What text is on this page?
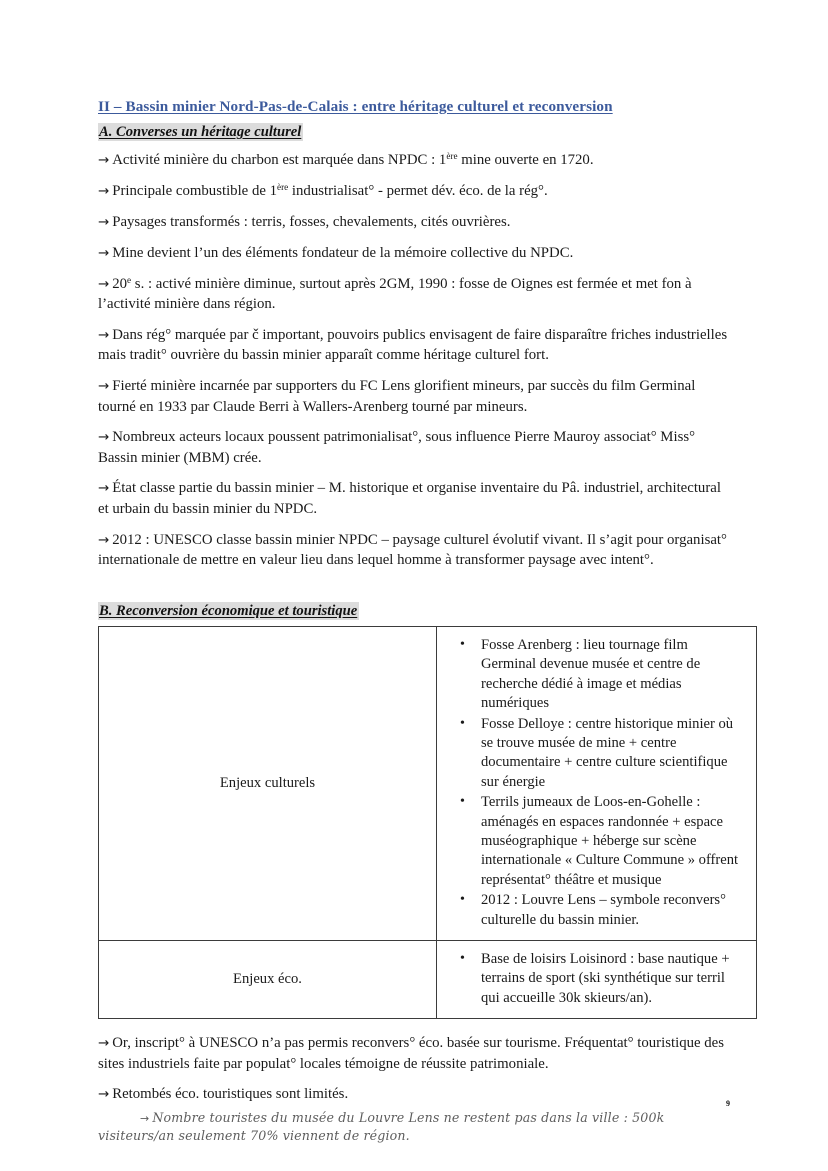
II – Bassin minier Nord-Pas-de-Calais : entre héritage culturel et reconversion
A. Converses un héritage culturel

→ Activité minière du charbon est marquée dans NPDC : 1ère mine ouverte en 1720.

→ Principale combustible de 1ère industrialisat° - permet dév. éco. de la rég°.

→ Paysages transformés : terris, fosses, chevalements, cités ouvrières.

→ Mine devient l’un des éléments fondateur de la mémoire collective du NPDC.

→ $20^e$ s. : activé minière diminue, surtout après 2GM, 1990 : fosse de Oignes est fermée et met fon à l’activité minière dans région.

→ Dans rég° marquée par č important, pouvoirs publics envisagent de faire disparaître friches industrielles mais tradit° ouvrière du bassin minier apparaît comme héritage culturel fort.

→ Fierté minière incarnée par supporters du FC Lens glorifient mineurs, par succès du film Germinal tourné en 1933 par Claude Berri à Wallers-Arenberg tourné par mineurs.

→ Nombreux acteurs locaux poussent patrimonialisat°, sous influence Pierre Mauroy associat° Miss° Bassin minier (MBM) crée.

→ État classe partie du bassin minier – M. historique et organise inventaire du Pâ. industriel, architectural et urbain du bassin minier du NPDC.

→ 2012 : UNESCO classe bassin minier NPDC – paysage culturel évolutif vivant. Il s’agit pour organisat° internationale de mettre en valeur lieu dans lequel homme à transformer paysage avec intent°.

B. Reconversion économique et touristique
Enjeux culturels	
• Fosse Arenberg : lieu tournage film Germinal devenue musée et centre de recherche dédié à image et médias numériques
• Fosse Delloye : centre historique minier où se trouve musée de mine + centre documentaire + centre culture scientifique sur énergie
• Terrils jumeaux de Loos-en-Gohelle : aménagés en espaces randonnée + espace muséographique + héberge sur scène internationale « Culture Commune » offrent représentat° théâtre et musique
• 2012 : Louvre Lens – symbole reconvers° culturelle du bassin minier.

Enjeux éco.	
• Base de loisirs Loisinord : base nautique + terrains de sport (ski synthétique sur terril qui accueille 30k skieurs/an).

→ Or, inscript° à UNESCO n’a pas permis reconvers° éco. basée sur tourisme. Fréquentat° touristique des sites industriels faite par populat° locales témoigne de réussite patrimoniale.

→ Retombés éco. touristiques sont limités.

→ Nombre touristes du musée du Louvre Lens ne restent pas dans la ville : 500k visiteurs/an seulement 70% viennent de région.

9
